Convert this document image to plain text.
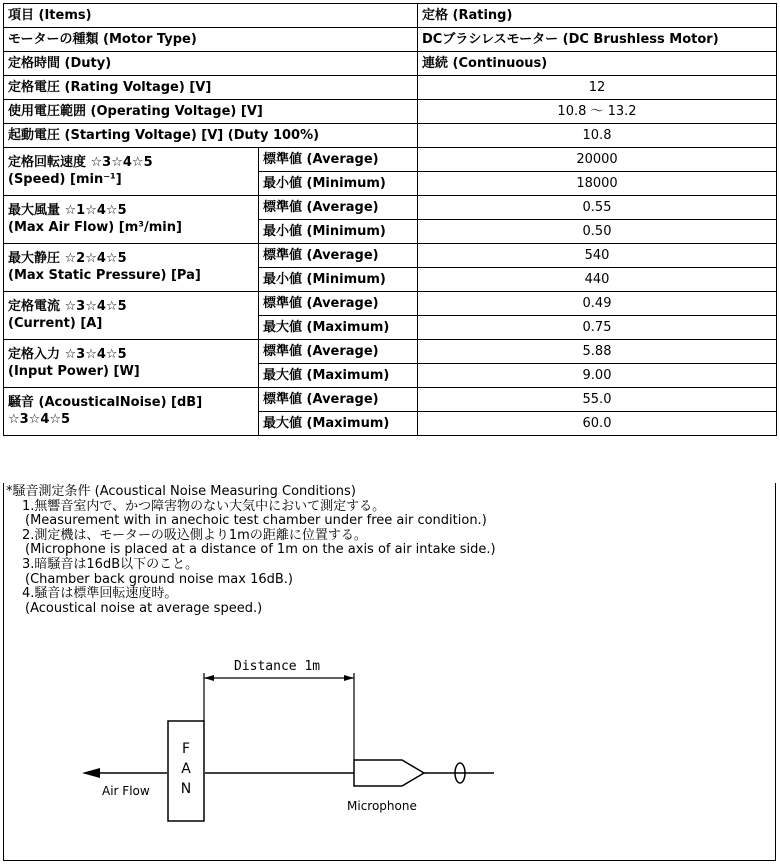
項目 (Items)		定格 (Rating)
モーターの種類 (Motor Type)		DCブラシレスモーター (DC Brushless Motor)
定格時間 (Duty)		連続 (Continuous)
定格電圧 (Rating Voltage) [V]		12
使用電圧範囲 (Operating Voltage) [V]		10.8 ～ 13.2
起動電圧 (Starting Voltage) [V] (Duty 100%)		10.8

定格回転速度 ☆3☆4☆5
(Speed) [min⁻¹]	標準値 (Average)	20000
	最小値 (Minimum)	18000

最大風量 ☆1☆4☆5
(Max Air Flow) [m³/min]	標準値 (Average)	0.55
	最小値 (Minimum)	0.50

最大静圧 ☆2☆4☆5
(Max Static Pressure) [Pa]	標準値 (Average)	540
	最小値 (Minimum)	440

定格電流 ☆3☆4☆5
(Current) [A]	標準値 (Average)	0.49
	最大値 (Maximum)	0.75

定格入力 ☆3☆4☆5
(Input Power) [W]	標準値 (Average)	5.88
	最大値 (Maximum)	9.00

騒音 (AcousticalNoise) [dB]
☆3☆4☆5	標準値 (Average)	55.0
	最大値 (Maximum)	60.0
*騒音測定条件 (Acoustical Noise Measuring Conditions)
1.無響音室内で、かつ障害物のない大気中において測定する。
(Measurement with in anechoic test chamber under free air condition.)
2.測定機は、モーターの吸込側より1mの距離に位置する。
(Microphone is placed at a distance of 1m on the axis of air intake side.)
3.暗騒音は16dB以下のこと。
(Chamber back ground noise max 16dB.)
4.騒音は標準回転速度時。
(Acoustical noise at average speed.)
Distance 1m
F
A
N
Air Flow
Microphone
